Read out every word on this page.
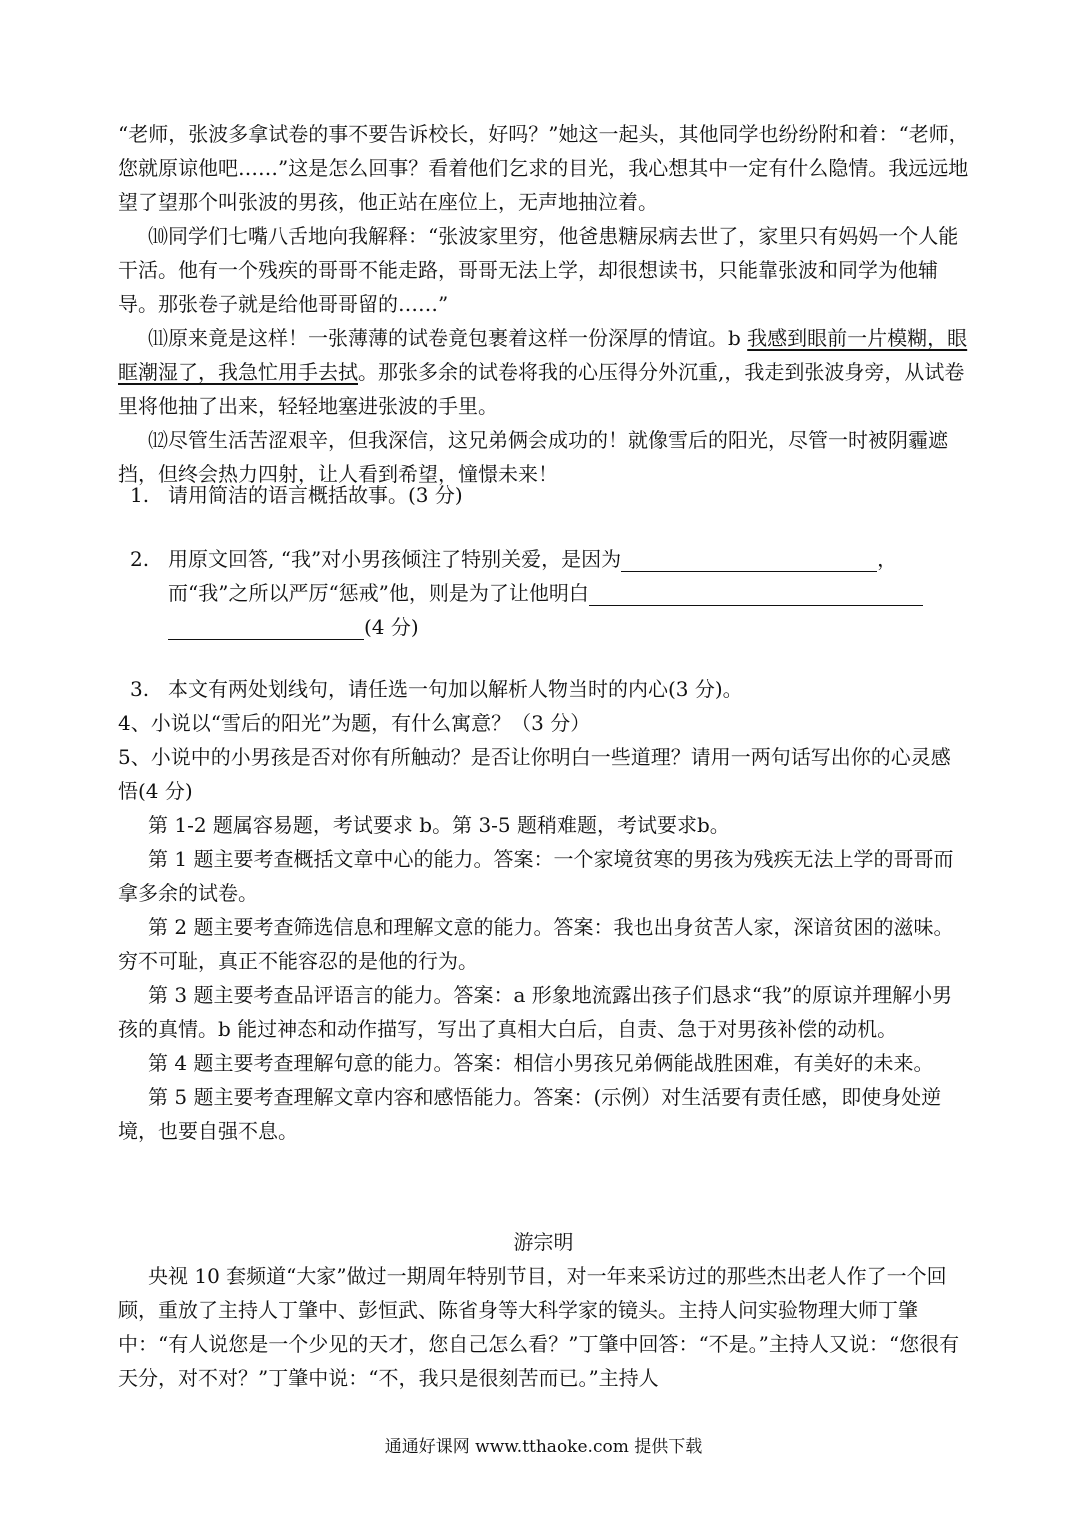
“老师，张波多拿试卷的事不要告诉校长，好吗？”她这一起头，其他同学也纷纷附和着：“老师，您就原谅他吧……”这是怎么回事？看着他们乞求的目光，我心想其中一定有什么隐情。我远远地望了望那个叫张波的男孩，他正站在座位上，无声地抽泣着。

⑽同学们七嘴八舌地向我解释：“张波家里穷，他爸患糖尿病去世了，家里只有妈妈一个人能干活。他有一个残疾的哥哥不能走路，哥哥无法上学，却很想读书，只能靠张波和同学为他辅导。那张卷子就是给他哥哥留的……”

⑾原来竟是这样！一张薄薄的试卷竟包裹着这样一份深厚的情谊。b 我感到眼前一片模糊，眼眶潮湿了，我急忙用手去拭。那张多余的试卷将我的心压得分外沉重,，我走到张波身旁，从试卷里将他抽了出来，轻轻地塞进张波的手里。

⑿尽管生活苦涩艰辛，但我深信，这兄弟俩会成功的！就像雪后的阳光，尽管一时被阴霾遮挡，但终会热力四射，让人看到希望，憧憬未来！

1. 请用简洁的语言概括故事。(3 分)

2. 用原文回答, “我”对小男孩倾注了特别关爱，是因为	，而“我”之所以严厉“惩戒”他，则是为了让他明白
(4 分)

3. 本文有两处划线句，请任选一句加以解析人物当时的内心(3 分)。

4、小说以“雪后的阳光”为题，有什么寓意？（3 分）

5、小说中的小男孩是否对你有所触动？是否让你明白一些道理？请用一两句话写出你的心灵感悟(4 分)

第 1-2 题属容易题，考试要求 b。第 3-5 题稍难题，考试要求b。

第 1 题主要考查概括文章中心的能力。答案：一个家境贫寒的男孩为残疾无法上学的哥哥而拿多余的试卷。

第 2 题主要考查筛选信息和理解文意的能力。答案：我也出身贫苦人家，深谙贫困的滋味。穷不可耻，真正不能容忍的是他的行为。

第 3 题主要考查品评语言的能力。答案：a 形象地流露出孩子们恳求“我”的原谅并理解小男孩的真情。b 能过神态和动作描写，写出了真相大白后，自责、急于对男孩补偿的动机。

第 4 题主要考查理解句意的能力。答案：相信小男孩兄弟俩能战胜困难，有美好的未来。

第 5 题主要考查理解文章内容和感悟能力。答案：(示例）对生活要有责任感，即使身处逆境，也要自强不息。

游宗明

央视 10 套频道“大家”做过一期周年特别节目，对一年来采访过的那些杰出老人作了一个回顾，重放了主持人丁肇中、彭恒武、陈省身等大科学家的镜头。主持人问实验物理大师丁肇中：“有人说您是一个少见的天才，您自己怎么看？”丁肇中回答：“不是。”主持人又说：“您很有天分，对不对？”丁肇中说：“不，我只是很刻苦而已。”主持人

通通好课网 www.tthaoke.com 提供下载
